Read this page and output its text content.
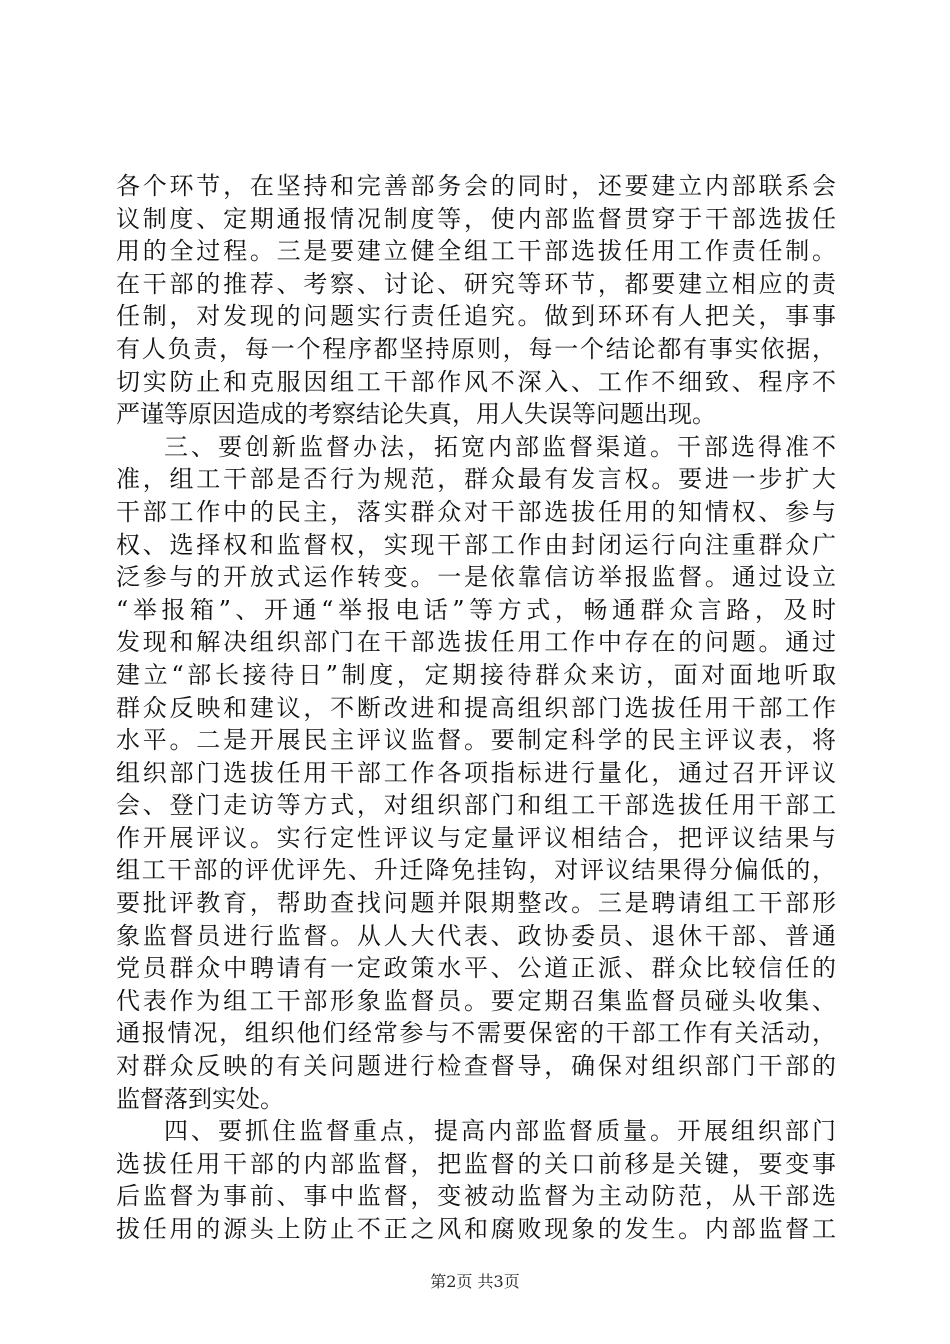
各个环节，在坚持和完善部务会的同时，还要建立内部联系会
议制度、定期通报情况制度等，使内部监督贯穿于干部选拔任
用的全过程。三是要建立健全组工干部选拔任用工作责任制。
在干部的推荐、考察、讨论、研究等环节，都要建立相应的责
任制，对发现的问题实行责任追究。做到环环有人把关，事事
有人负责，每一个程序都坚持原则，每一个结论都有事实依据，
切实防止和克服因组工干部作风不深入、工作不细致、程序不
严谨等原因造成的考察结论失真，用人失误等问题出现。
三、要创新监督办法，拓宽内部监督渠道。干部选得准不
准，组工干部是否行为规范，群众最有发言权。要进一步扩大
干部工作中的民主，落实群众对干部选拔任用的知情权、参与
权、选择权和监督权，实现干部工作由封闭运行向注重群众广
泛参与的开放式运作转变。一是依靠信访举报监督。通过设立
“举报箱”、开通“举报电话”等方式，畅通群众言路，及时
发现和解决组织部门在干部选拔任用工作中存在的问题。通过
建立“部长接待日”制度，定期接待群众来访，面对面地听取
群众反映和建议，不断改进和提高组织部门选拔任用干部工作
水平。二是开展民主评议监督。要制定科学的民主评议表，将
组织部门选拔任用干部工作各项指标进行量化，通过召开评议
会、登门走访等方式，对组织部门和组工干部选拔任用干部工
作开展评议。实行定性评议与定量评议相结合，把评议结果与
组工干部的评优评先、升迁降免挂钩，对评议结果得分偏低的，
要批评教育，帮助查找问题并限期整改。三是聘请组工干部形
象监督员进行监督。从人大代表、政协委员、退休干部、普通
党员群众中聘请有一定政策水平、公道正派、群众比较信任的
代表作为组工干部形象监督员。要定期召集监督员碰头收集、
通报情况，组织他们经常参与不需要保密的干部工作有关活动，
对群众反映的有关问题进行检查督导，确保对组织部门干部的
监督落到实处。
四、要抓住监督重点，提高内部监督质量。开展组织部门
选拔任用干部的内部监督，把监督的关口前移是关键，要变事
后监督为事前、事中监督，变被动监督为主动防范，从干部选
拔任用的源头上防止不正之风和腐败现象的发生。内部监督工
第2页 共3页
